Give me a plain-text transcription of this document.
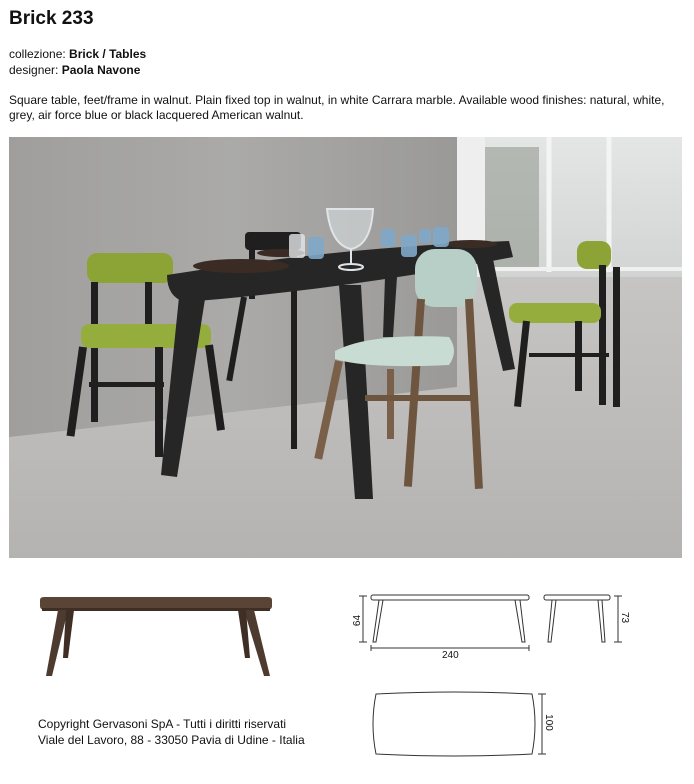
Brick 233
collezione: Brick / Tables
designer: Paola Navone

Square table, feet/frame in walnut. Plain fixed top in walnut, in white Carrara marble. Available wood finishes: natural, white, grey, air force blue or black lacquered American walnut.

64
240
73
100
Copyright Gervasoni SpA - Tutti i diritti riservati
Viale del Lavoro, 88 - 33050 Pavia di Udine - Italia
